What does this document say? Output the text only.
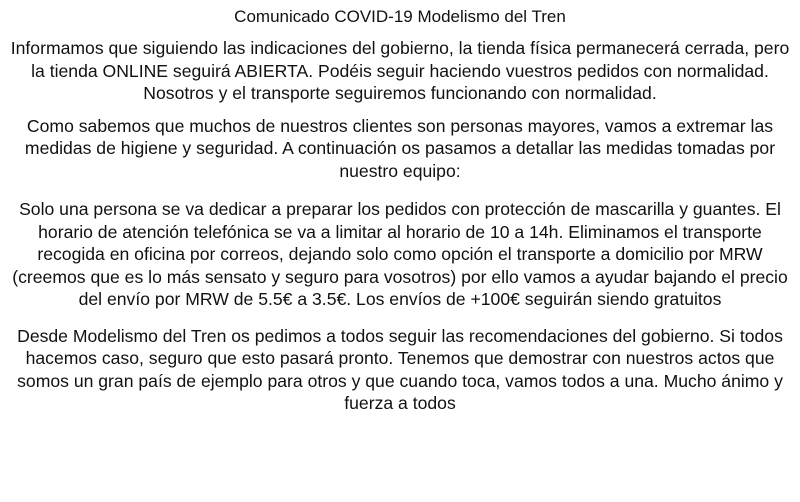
Comunicado COVID-19 Modelismo del Tren
Informamos que siguiendo las indicaciones del gobierno, la tienda física permanecerá cerrada, pero la tienda ONLINE seguirá ABIERTA. Podéis seguir haciendo vuestros pedidos con normalidad. Nosotros y el transporte seguiremos funcionando con normalidad.
Como sabemos que muchos de nuestros clientes son personas mayores, vamos a extremar las medidas de higiene y seguridad. A continuación os pasamos a detallar las medidas tomadas por nuestro equipo:
Solo una persona se va dedicar a preparar los pedidos con protección de mascarilla y guantes. El horario de atención telefónica se va a limitar al horario de 10 a 14h. Eliminamos el transporte recogida en oficina por correos, dejando solo como opción el transporte a domicilio por MRW (creemos que es lo más sensato y seguro para vosotros) por ello vamos a ayudar bajando el precio del envío por MRW de 5.5€ a 3.5€. Los envíos de +100€ seguirán siendo gratuitos
Desde Modelismo del Tren os pedimos a todos seguir las recomendaciones del gobierno. Si todos hacemos caso, seguro que esto pasará pronto. Tenemos que demostrar con nuestros actos que somos un gran país de ejemplo para otros y que cuando toca, vamos todos a una. Mucho ánimo y fuerza a todos
